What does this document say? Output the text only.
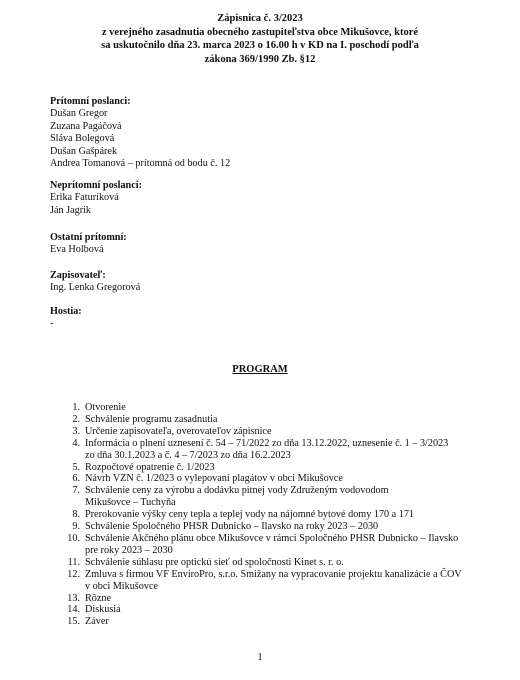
Zápisnica č. 3/2023
z verejného zasadnutia obecného zastupiteľstva obce Mikušovce, ktoré
sa uskutočnilo dňa 23. marca 2023 o 16.00 h v KD na I. poschodí podľa
zákona 369/1990 Zb. §12
Prítomní poslanci:
Dušan Gregor
Zuzana Pagáčová
Slávа Bolegová
Dušan Gašpárek
Andrea Tomanová – prítomná od bodu č. 12
Neprítomní poslanci:
Erika Faturíková
Ján Jagrik
Ostatní prítomní:
Eva Holbová
Zapisovateľ:
Ing. Lenka Gregorová
Hostia:
-
PROGRAM
1. Otvorenie
2. Schválenie programu zasadnutia
3. Určenie zapisovateľa, overovateľov zápisnice
4. Informácia o plnení uznesení č. 54 – 71/2022 zo dňa 13.12.2022, uznesenie č. 1 – 3/2023
zo dňa 30.1.2023 a č. 4 – 7/2023 zo dňa 16.2.2023
5. Rozpočtové opatrenie č. 1/2023
6. Návrh VZN č. 1/2023 o vylepovaní plagátov v obci Mikušovce
7. Schválenie ceny za výrobu a dodávku pitnej vody Združeným vodovodom
Mikušovce – Tuchyňa
8. Prerokovanie výšky ceny tepla a teplej vody na nájomné bytové domy 170 a 171
9. Schválenie Spoločného PHSR Dubnicko – Ilavsko na roky 2023 – 2030
10. Schválenie Akčného plánu obce Mikušovce v rámci Spoločného PHSR Dubnicko – Ilavsko
pre roky 2023 – 2030
11. Schválenie súhlasu pre optickú sieť od spoločnosti Kinet s. r. o.
12. Zmluva s firmou VF EnviroPro, s.r.o. Smižany na vypracovanie projektu kanalizácie a ČOV
v obci Mikušovce
13. Rôzne
14. Diskusia
15. Záver
1
